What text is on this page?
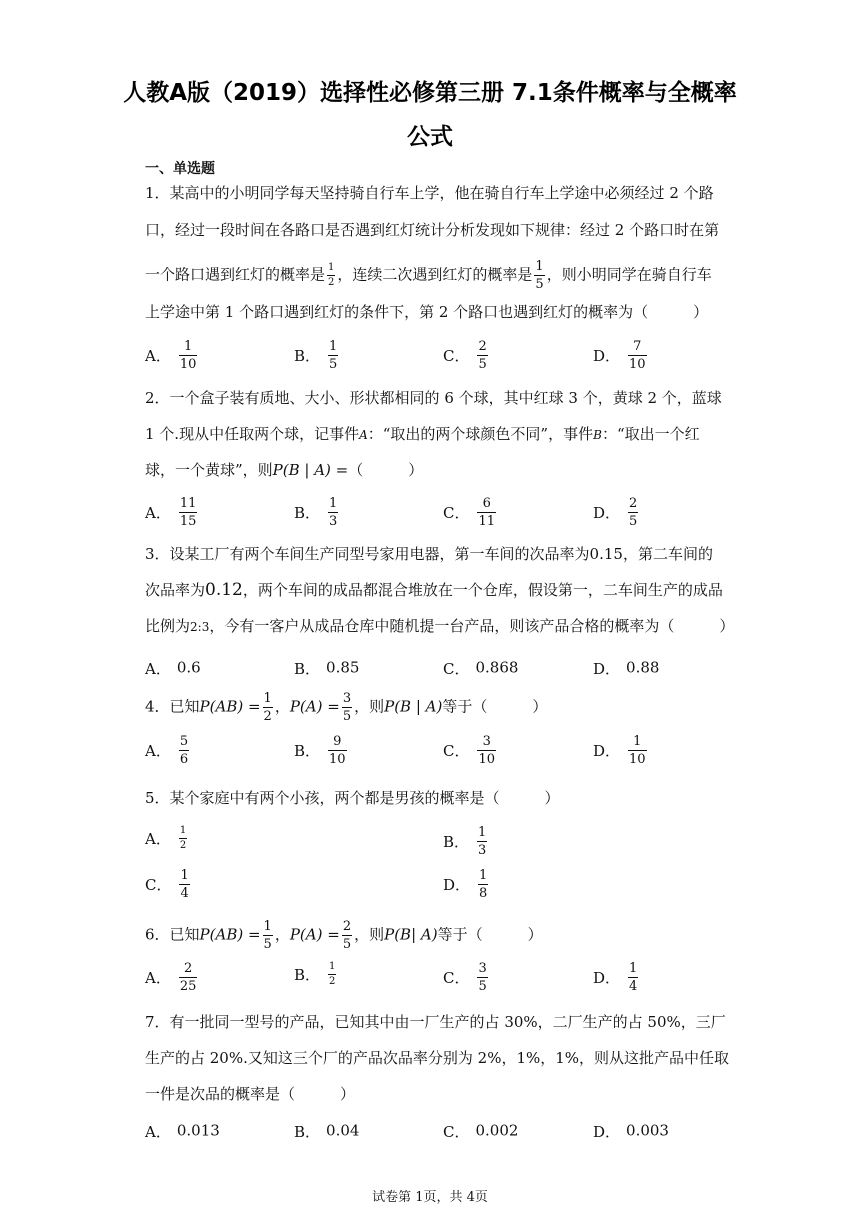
人教A版（2019）选择性必修第三册 7.1条件概率与全概率
公式
一、单选题
1．某高中的小明同学每天坚持骑自行车上学，他在骑自行车上学途中必须经过 2 个路
口，经过一段时间在各路口是否遇到红灯统计分析发现如下规律：经过 2 个路口时在第
一个路口遇到红灯的概率是 $\frac{1}{2}$ ，连续二次遇到红灯的概率是 $\frac{1}{5}$ ，则小明同学在骑自行车
上学途中第 1 个路口遇到红灯的条件下，第 2 个路口也遇到红灯的概率为（　　　）
A． $\frac{1}{10}$	B． $\frac{1}{5}$	C． $\frac{2}{5}$	D． $\frac{7}{10}$
2．一个盒子装有质地、大小、形状都相同的 6 个球，其中红球 3 个，黄球 2 个，蓝球
1 个.现从中任取两个球，记事件A：“取出的两个球颜色不同”，事件B：“取出一个红
球，一个黄球”，则P(B | A) =（　　　）
A． $\frac{11}{15}$	B． $\frac{1}{3}$	C． $\frac{6}{11}$	D． $\frac{2}{5}$
3．设某工厂有两个车间生产同型号家用电器，第一车间的次品率为0.15，第二车间的
次品率为0.12，两个车间的成品都混合堆放在一个仓库，假设第一，二车间生产的成品
比例为2:3，今有一客户从成品仓库中随机提一台产品，则该产品合格的概率为（　　　）
A． 0.6	B． 0.85	C． 0.868	D． 0.88
4．已知$P(AB) = \frac{1}{2}$ ，$P(A) = \frac{3}{5}$ ，则P(B | A)等于（　　　）
A． $\frac{5}{6}$	B． $\frac{9}{10}$	C． $\frac{3}{10}$	D． $\frac{1}{10}$
5．某个家庭中有两个小孩，两个都是男孩的概率是（　　　）
A． $\frac{1}{2}$	B． $\frac{1}{3}$
C． $\frac{1}{4}$	D． $\frac{1}{8}$
6．已知$P(AB) = \frac{1}{5}$ ，$P(A) = \frac{2}{5}$ ，则P(B| A)等于（　　　）
A． $\frac{2}{25}$	B． $\frac{1}{2}$	C． $\frac{3}{5}$	D． $\frac{1}{4}$
7．有一批同一型号的产品，已知其中由一厂生产的占 30%，二厂生产的占 50%，三厂
生产的占 20%.又知这三个厂的产品次品率分别为 2%，1%，1%，则从这批产品中任取
一件是次品的概率是（　　　）
A． 0.013	B． 0.04	C． 0.002	D． 0.003
试卷第 1页，共 4页
